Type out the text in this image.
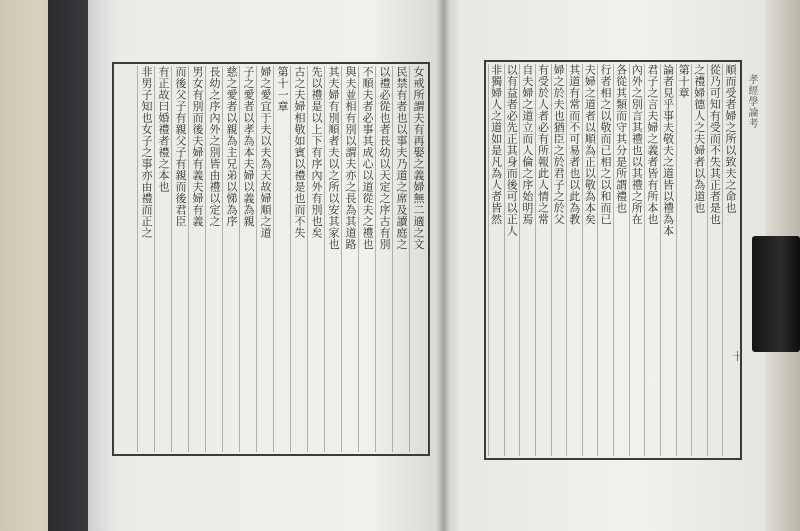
女戒所謂夫有再娶之義婦無二適之文
民禁有者也以事夫乃道之席及讀庭之
以禮必從也者長幼以天定之序古有別
不順夫者必事其成心以道從夫之禮也
與夫並相有別以謂夫亦之長為其道路
其夫婦有別順者夫以之所以安其家也
先以禮是以上下有序內外有別也矣
古之夫婦相敬如賓以禮是也而不失
第十一章
婦之愛宜于夫以夫為天故婦順之道
子之愛者以孝為本夫婦以義為親
慈之愛者以親為主兄弟以悌為序
長幼之序內外之別皆由禮以定之
男女有別而後夫婦有義夫婦有義
而後父子有親父子有親而後君臣
有正故曰婚禮者禮之本也
非男子知也女子之事亦由禮而正之	順而受者婦之所以致夫之命也
從乃可知有受而不失其正者是也
之禮婦德人之夫婦者以為道也
第十章
論者見乎事夫敬夫之道皆以禮為本
君子之言夫婦之義者皆有所本也
內外之別言其禮也以其禮之所在
各從其類而守其分是所謂禮也
行者相之以敬而已相之以和而已
夫婦之道者以順為正以敬為本矣
其道有常而不可易者也以此為教
婦之於夫也猶臣之於君子之於父
有受於人者必有所報此人情之常
自夫婦之道立而人倫之序始明焉
以有益者必先正其身而後可以正人
非獨婦人之道如是凡為人者皆然	孝經學論考
十
